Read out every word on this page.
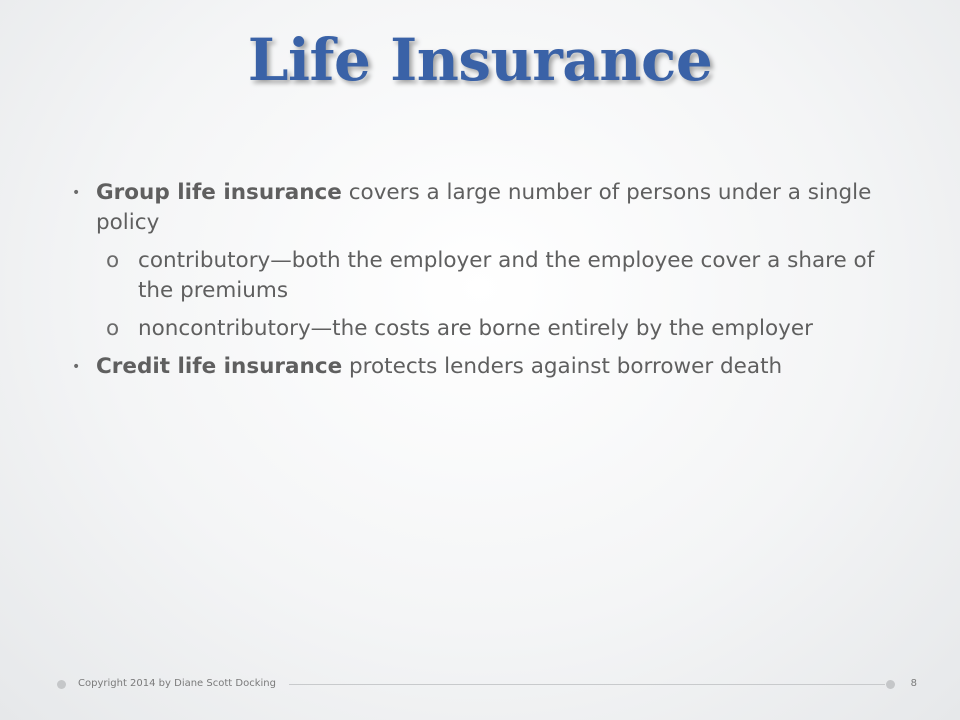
Life Insurance
• Group life insurance covers a large number of persons under a single policy
o contributory—both the employer and the employee cover a share of the premiums
o noncontributory—the costs are borne entirely by the employer
• Credit life insurance protects lenders against borrower death
Copyright 2014 by Diane Scott Docking	8
